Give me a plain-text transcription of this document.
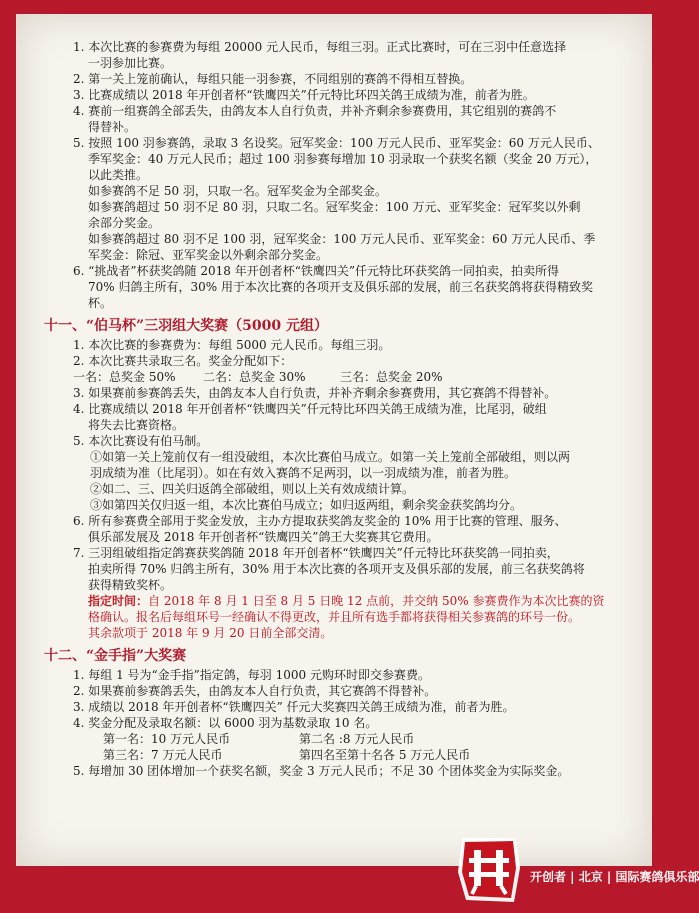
1. 本次比赛的参赛费为每组 20000 元人民币，每组三羽。正式比赛时，可在三羽中任意选择
一羽参加比赛。
2. 第一关上笼前确认，每组只能一羽参赛，不同组别的赛鸽不得相互替换。
3. 比赛成绩以 2018 年开创者杯“铁鹰四关”仟元特比环四关鸽王成绩为准，前者为胜。
4. 赛前一组赛鸽全部丢失，由鸽友本人自行负责，并补齐剩余参赛费用，其它组别的赛鸽不
得替补。
5. 按照 100 羽参赛鸽，录取 3 名设奖。冠军奖金：100 万元人民币、亚军奖金：60 万元人民币、
季军奖金：40 万元人民币；超过 100 羽参赛每增加 10 羽录取一个获奖名额（奖金 20 万元），
以此类推。
如参赛鸽不足 50 羽，只取一名。冠军奖金为全部奖金。
如参赛鸽超过 50 羽不足 80 羽，只取二名。冠军奖金：100 万元、亚军奖金：冠军奖以外剩
余部分奖金。
如参赛鸽超过 80 羽不足 100 羽，冠军奖金：100 万元人民币、亚军奖金：60 万元人民币、季
军奖金：除冠、亚军奖金以外剩余部分奖金。
6. “挑战者”杯获奖鸽随 2018 年开创者杯“铁鹰四关”仟元特比环获奖鸽一同拍卖，拍卖所得
70% 归鸽主所有，30% 用于本次比赛的各项开支及俱乐部的发展，前三名获奖鸽将获得精致奖
杯。
十一、“伯马杯”三羽组大奖赛（5000 元组）
1. 本次比赛的参赛费为：每组 5000 元人民币。每组三羽。
2. 本次比赛共录取三名。奖金分配如下：
一名：总奖金 50%	二名：总奖金 30%	三名：总奖金 20%
3. 如果赛前参赛鸽丢失，由鸽友本人自行负责，并补齐剩余参赛费用，其它赛鸽不得替补。
4. 比赛成绩以 2018 年开创者杯“铁鹰四关”仟元特比环四关鸽王成绩为准，比尾羽，破组
将失去比赛资格。
5. 本次比赛设有伯马制。
①如第一关上笼前仅有一组没破组，本次比赛伯马成立。如第一关上笼前全部破组，则以两
羽成绩为准（比尾羽）。如在有效入赛鸽不足两羽，以一羽成绩为准，前者为胜。
②如二、三、四关归返鸽全部破组，则以上关有效成绩计算。
③如第四关仅归返一组，本次比赛伯马成立；如归返两组，剩余奖金获奖鸽均分。
6. 所有参赛费全部用于奖金发放，主办方提取获奖鸽友奖金的 10% 用于比赛的管理、服务、
俱乐部发展及 2018 年开创者杯“铁鹰四关”鸽王大奖赛其它费用。
7. 三羽组破组指定鸽赛获奖鸽随 2018 年开创者杯“铁鹰四关”仟元特比环获奖鸽一同拍卖，
拍卖所得 70% 归鸽主所有，30% 用于本次比赛的各项开支及俱乐部的发展，前三名获奖鸽将
获得精致奖杯。
指定时间：自 2018 年 8 月 1 日至 8 月 5 日晚 12 点前，并交纳 50% 参赛费作为本次比赛的资
格确认。报名后每组环号一经确认不得更改，并且所有选手都将获得相关参赛鸽的环号一份。
其余款项于 2018 年 9 月 20 日前全部交清。
十二、“金手指”大奖赛
1. 每组 1 号为“金手指”指定鸽，每羽 1000 元购环时即交参赛费。
2. 如果赛前参赛鸽丢失，由鸽友本人自行负责，其它赛鸽不得替补。
3. 成绩以 2018 年开创者杯“铁鹰四关” 仟元大奖赛四关鸽王成绩为准，前者为胜。
4. 奖金分配及录取名额：以 6000 羽为基数录取 10 名。
第一名：10 万元人民币	第二名 :8 万元人民币
第三名：7 万元人民币	第四名至第十名各 5 万元人民币
5. 每增加 30 团体增加一个获奖名额，奖金 3 万元人民币；不足 30 个团体奖金为实际奖金。
开创者 | 北京 | 国际赛鸽俱乐部
